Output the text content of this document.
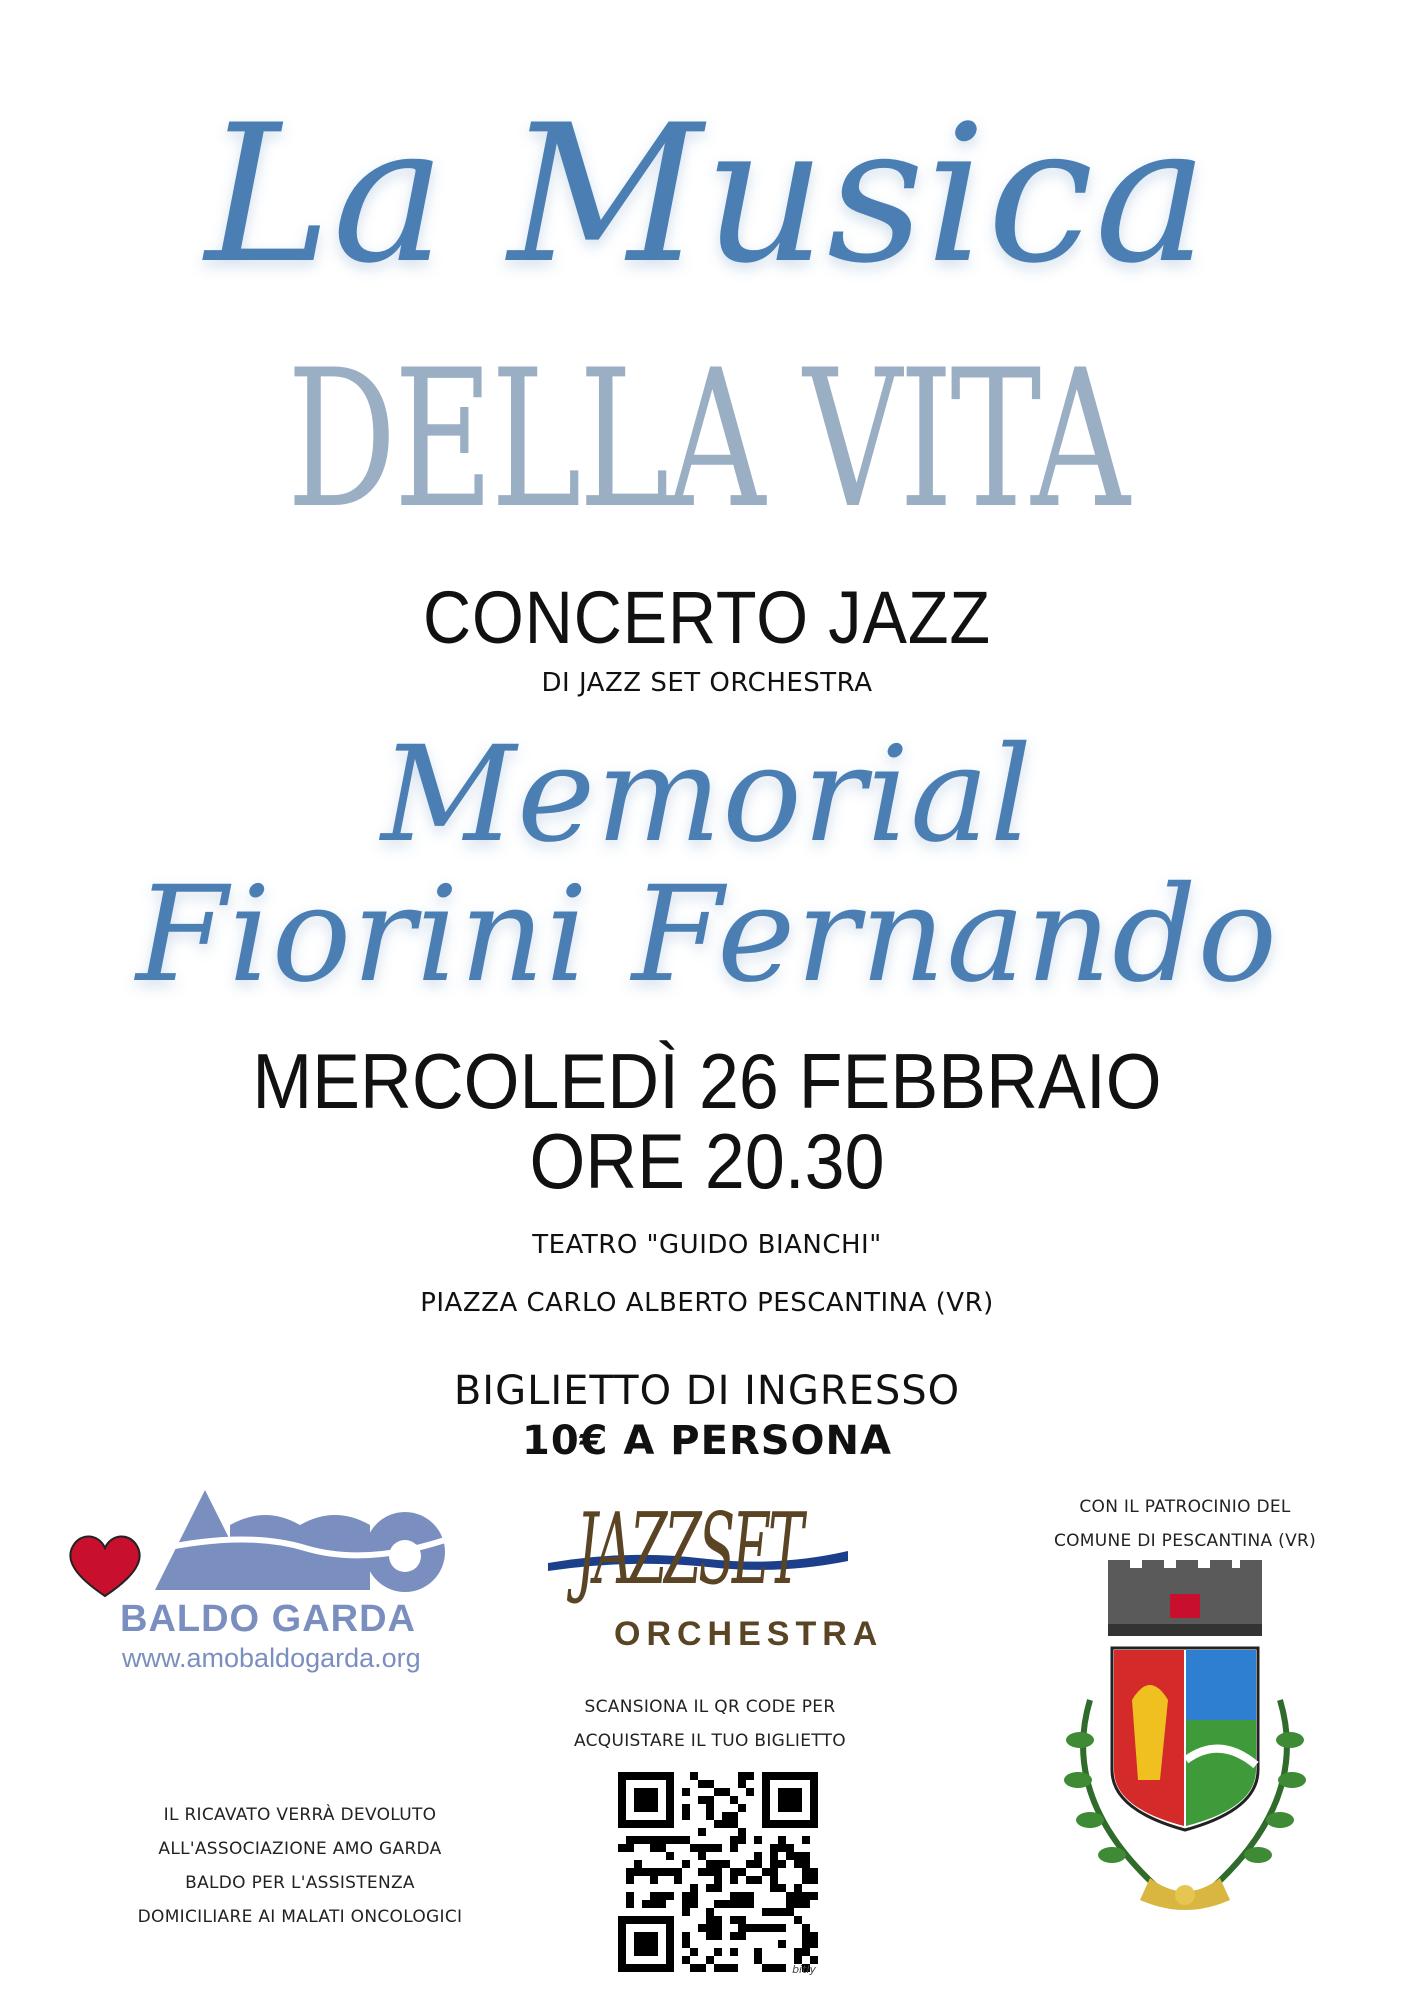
La Musica
DELLA VITA
CONCERTO JAZZ
DI JAZZ SET ORCHESTRA
Memorial
Fiorini Fernando
MERCOLEDÌ 26 FEBBRAIO
ORE 20.30
TEATRO "GUIDO BIANCHI"
PIAZZA CARLO ALBERTO PESCANTINA (VR)
BIGLIETTO DI INGRESSO
10€ A PERSONA
BALDO GARDA
www.amobaldogarda.org
JAZZSET
ORCHESTRA
CON IL PATROCINIO DEL
COMUNE DI PESCANTINA (VR)
SCANSIONA IL QR CODE PER
ACQUISTARE IL TUO BIGLIETTO
bitly
IL RICAVATO VERRÀ DEVOLUTO
ALL'ASSOCIAZIONE AMO GARDA
BALDO PER L'ASSISTENZA
DOMICILIARE AI MALATI ONCOLOGICI
